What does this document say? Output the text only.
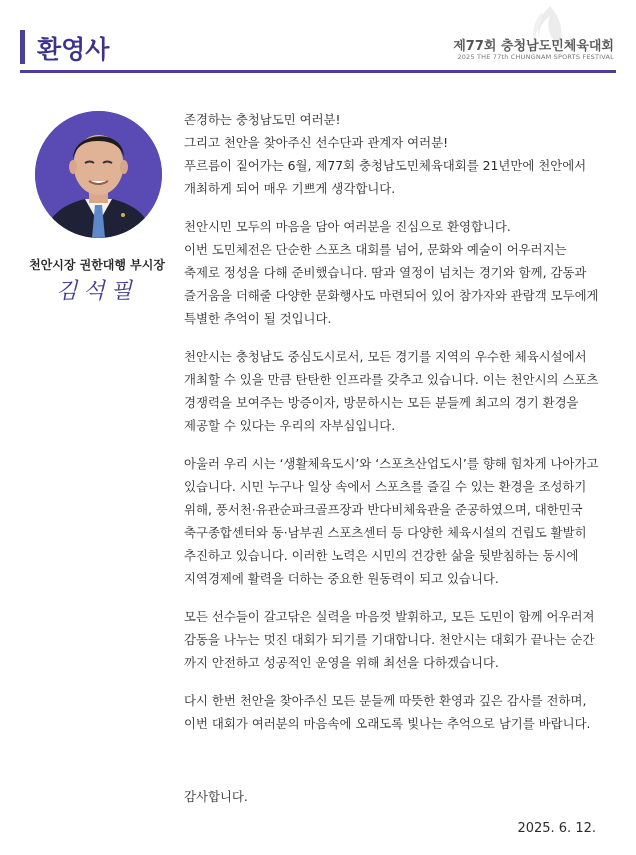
환영사	제77회 충청남도민체육대회
2025 THE 77th CHUNGNAM SPORTS FESTIVAL
천안시장 권한대행 부시장
김석필
존경하는 충청남도민 여러분!
그리고 천안을 찾아주신 선수단과 관계자 여러분!
푸르름이 짙어가는 6월, 제77회 충청남도민체육대회를 21년만에 천안에서
개최하게 되어 매우 기쁘게 생각합니다.
천안시민 모두의 마음을 담아 여러분을 진심으로 환영합니다.
이번 도민체전은 단순한 스포츠 대회를 넘어, 문화와 예술이 어우러지는
축제로 정성을 다해 준비했습니다. 땀과 열정이 넘치는 경기와 함께, 감동과
즐거움을 더해줄 다양한 문화행사도 마련되어 있어 참가자와 관람객 모두에게
특별한 추억이 될 것입니다.
천안시는 충청남도 중심도시로서, 모든 경기를 지역의 우수한 체육시설에서
개최할 수 있을 만큼 탄탄한 인프라를 갖추고 있습니다. 이는 천안시의 스포츠
경쟁력을 보여주는 방증이자, 방문하시는 모든 분들께 최고의 경기 환경을
제공할 수 있다는 우리의 자부심입니다.
아울러 우리 시는 ‘생활체육도시’와 ‘스포츠산업도시’를 향해 힘차게 나아가고
있습니다. 시민 누구나 일상 속에서 스포츠를 즐길 수 있는 환경을 조성하기
위해, 풍서천·유관순파크골프장과 반다비체육관을 준공하였으며, 대한민국
축구종합센터와 동·남부권 스포츠센터 등 다양한 체육시설의 건립도 활발히
추진하고 있습니다. 이러한 노력은 시민의 건강한 삶을 뒷받침하는 동시에
지역경제에 활력을 더하는 중요한 원동력이 되고 있습니다.
모든 선수들이 갈고닦은 실력을 마음껏 발휘하고, 모든 도민이 함께 어우러져
감동을 나누는 멋진 대회가 되기를 기대합니다. 천안시는 대회가 끝나는 순간
까지 안전하고 성공적인 운영을 위해 최선을 다하겠습니다.
다시 한번 천안을 찾아주신 모든 분들께 따뜻한 환영과 깊은 감사를 전하며,
이번 대회가 여러분의 마음속에 오래도록 빛나는 추억으로 남기를 바랍니다.
감사합니다.
2025. 6. 12.
